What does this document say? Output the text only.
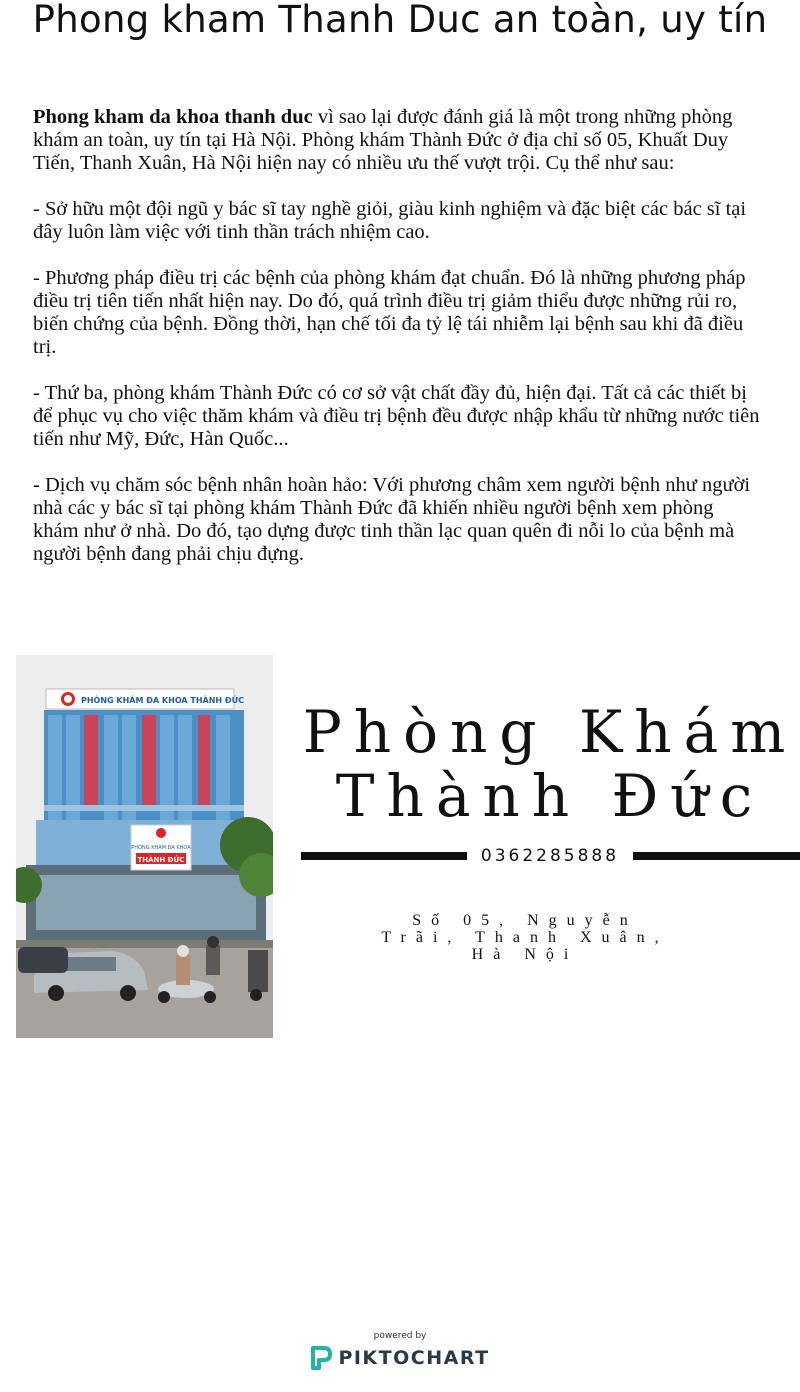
Phong kham Thanh Duc an toàn, uy tín

Phong kham da khoa thanh duc vì sao lại được đánh giá là một trong những phòng khám an toàn, uy tín tại Hà Nội. Phòng khám Thành Đức ở địa chỉ số 05, Khuất Duy Tiến, Thanh Xuân, Hà Nội hiện nay có nhiều ưu thế vượt trội. Cụ thể như sau:

- Sở hữu một đội ngũ y bác sĩ tay nghề giỏi, giàu kinh nghiệm và đặc biệt các bác sĩ tại đây luôn làm việc với tinh thần trách nhiệm cao.

- Phương pháp điều trị các bệnh của phòng khám đạt chuẩn. Đó là những phương pháp điều trị tiên tiến nhất hiện nay. Do đó, quá trình điều trị giảm thiểu được những rủi ro, biến chứng của bệnh. Đồng thời, hạn chế tối đa tỷ lệ tái nhiễm lại bệnh sau khi đã điều trị.

- Thứ ba, phòng khám Thành Đức có cơ sở vật chất đầy đủ, hiện đại. Tất cả các thiết bị để phục vụ cho việc thăm khám và điều trị bệnh đều được nhập khẩu từ những nước tiên tiến như Mỹ, Đức, Hàn Quốc...

- Dịch vụ chăm sóc bệnh nhân hoàn hảo: Với phương châm xem người bệnh như người nhà các y bác sĩ tại phòng khám Thành Đức đã khiến nhiều người bệnh xem phòng khám như ở nhà. Do đó, tạo dựng được tinh thần lạc quan quên đi nỗi lo của bệnh mà người bệnh đang phải chịu đựng.

PHÒNG KHÁM ĐA KHOA THÀNH ĐỨC
PHÒNG KHÁM ĐA KHOA
THÀNH ĐỨC
Phòng Khám
Thành Đức
0362285888
Số 05, Nguyễn
Trãi, Thanh Xuân,
Hà Nội
powered by
PIKTOCHART
